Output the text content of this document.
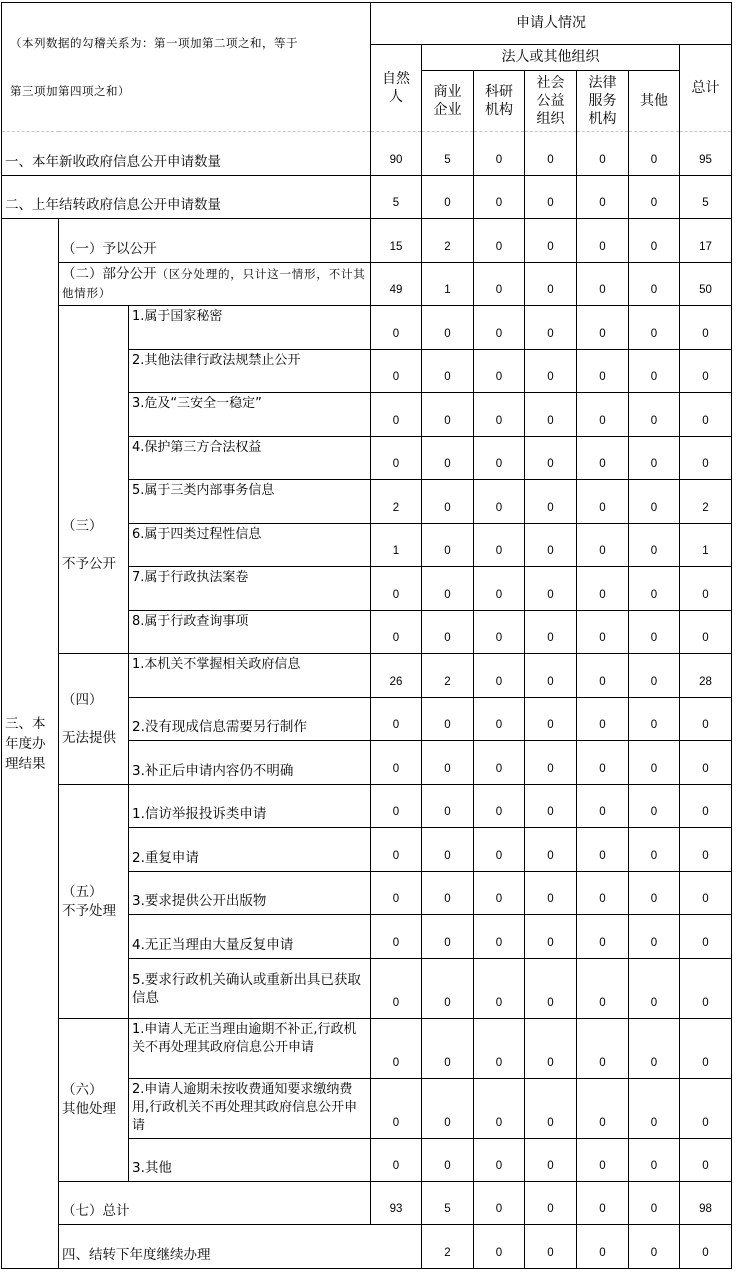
（本列数据的勾稽关系为：第一项加第二项之和，等于
第三项加第四项之和）			申请人情况							
			自然人	法人或其他组织					总计	
				商业企业	科研机构	社会公益组织	法律服务机构	其他		
一、本年新收政府信息公开申请数量			90	5	0	0	0	0	95	
二、上年结转政府信息公开申请数量			5	0	0	0	0	0	5	
三、本年度办理结果	（一）予以公开		15	2	0	0	0	0	17	
	（二）部分公开（区分处理的，只计这一情形，不计其他情形）		49	1	0	0	0	0	50	

	（三）
不予公开	1.属于国家秘密	0	0	0	0	0	0	0	
		2.其他法律行政法规禁止公开	0	0	0	0	0	0	0	
		3.危及“三安全一稳定”	0	0	0	0	0	0	0	
		4.保护第三方合法权益	0	0	0	0	0	0	0	
		5.属于三类内部事务信息	2	0	0	0	0	0	2	
		6.属于四类过程性信息	1	0	0	0	0	0	1	
		7.属于行政执法案卷	0	0	0	0	0	0	0	
		8.属于行政查询事项	0	0	0	0	0	0	0	

	（四）
无法提供	1.本机关不掌握相关政府信息	26	2	0	0	0	0	28	
		2.没有现成信息需要另行制作	0	0	0	0	0	0	0	
		3.补正后申请内容仍不明确	0	0	0	0	0	0	0	

	（五）
不予处理	1.信访举报投诉类申请	0	0	0	0	0	0	0	
		2.重复申请	0	0	0	0	0	0	0	
		3.要求提供公开出版物	0	0	0	0	0	0	0	
		4.无正当理由大量反复申请	0	0	0	0	0	0	0	
		5.要求行政机关确认或重新出具已获取信息	0	0	0	0	0	0	0	

	（六）
其他处理	1.申请人无正当理由逾期不补正,行政机关不再处理其政府信息公开申请	0	0	0	0	0	0	0	
		2.申请人逾期未按收费通知要求缴纳费用,行政机关不再处理其政府信息公开申请	0	0	0	0	0	0	0	
		3.其他	0	0	0	0	0	0	0	
	（七）总计		93	5	0	0	0	0	98	
	四、结转下年度继续办理			2	0	0	0	0	0	
